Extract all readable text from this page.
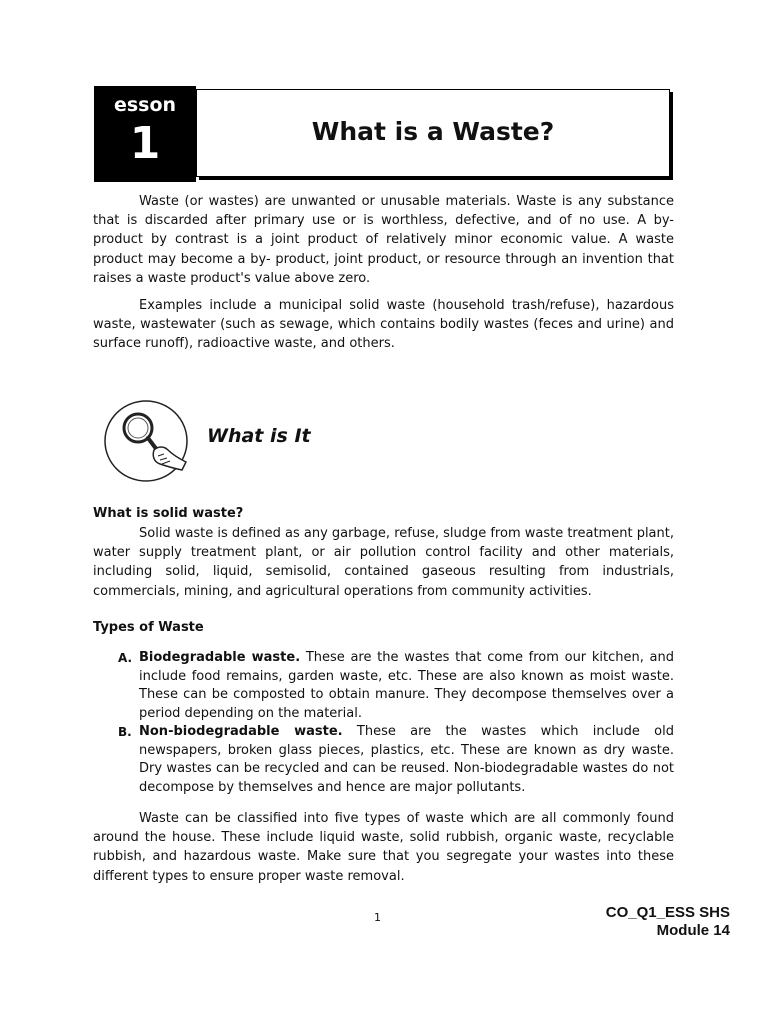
esson
1	What is a Waste?

Waste (or wastes) are unwanted or unusable materials. Waste is any substance that is discarded after primary use or is worthless, defective, and of no use. A by-product by contrast is a joint product of relatively minor economic value. A waste product may become a by- product, joint product, or resource through an invention that raises a waste product's value above zero.

Examples include a municipal solid waste (household trash/refuse), hazardous waste, wastewater (such as sewage, which contains bodily wastes (feces and urine) and surface runoff), radioactive waste, and others.

What is It

What is solid waste?

Solid waste is defined as any garbage, refuse, sludge from waste treatment plant, water supply treatment plant, or air pollution control facility and other materials, including solid, liquid, semisolid, contained gaseous resulting from industrials, commercials, mining, and agricultural operations from community activities.

Types of Waste

A. Biodegradable waste. These are the wastes that come from our kitchen, and include food remains, garden waste, etc. These are also known as moist waste. These can be composted to obtain manure. They decompose themselves over a period depending on the material.

B. Non-biodegradable waste. These are the wastes which include old newspapers, broken glass pieces, plastics, etc. These are known as dry waste. Dry wastes can be recycled and can be reused. Non-biodegradable wastes do not decompose by themselves and hence are major pollutants.

Waste can be classified into five types of waste which are all commonly found around the house. These include liquid waste, solid rubbish, organic waste, recyclable rubbish, and hazardous waste. Make sure that you segregate your wastes into these different types to ensure proper waste removal.

1	CO_Q1_ESS SHS
Module 14
